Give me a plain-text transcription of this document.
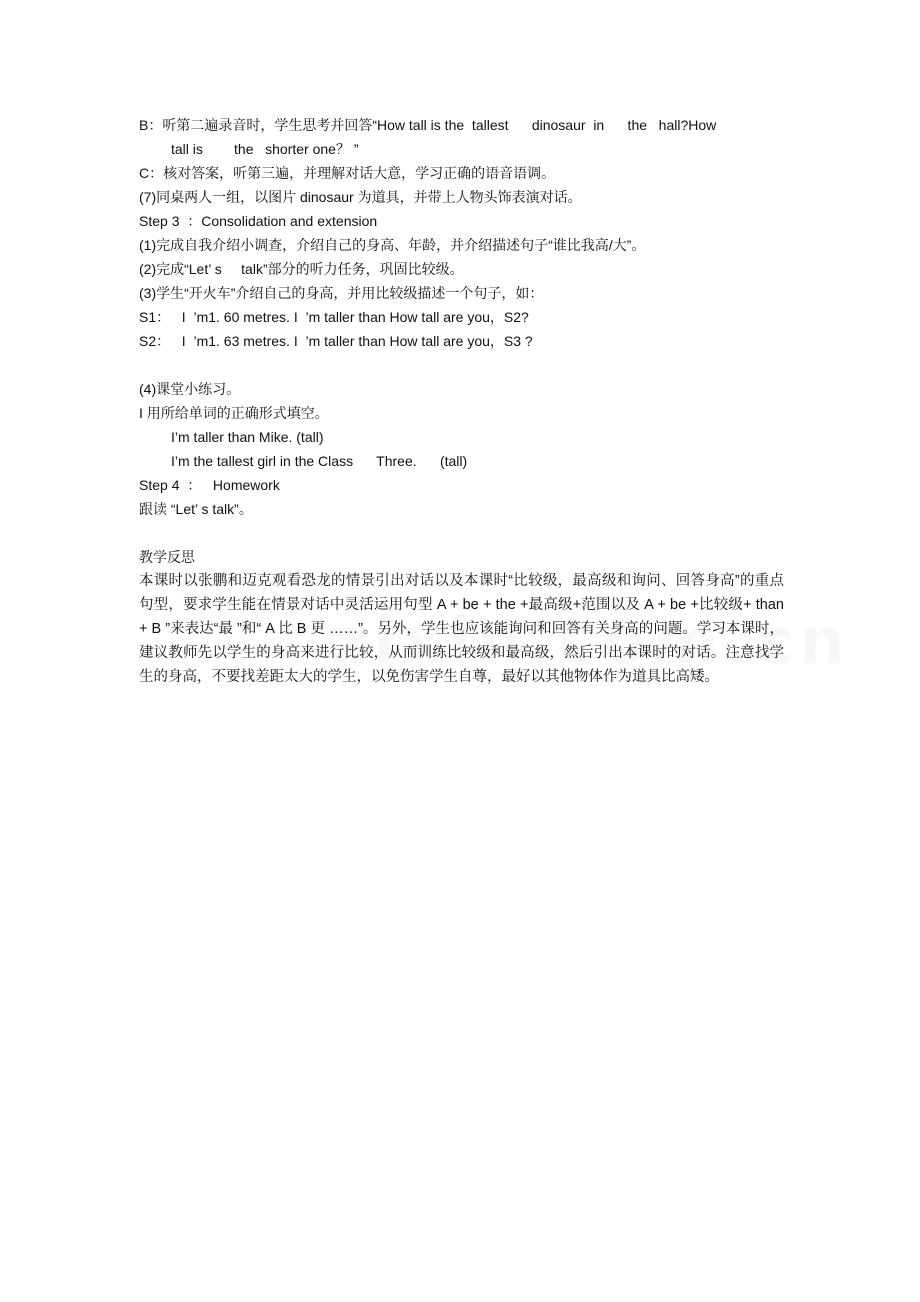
B：听第二遍录音时，学生思考并回答“How tall is the  tallest      dinosaur  in      the   hall?How
tall is        the   shorter one？ ”
C：核对答案，听第三遍，并理解对话大意，学习正确的语音语调。
(7)同桌两人一组，以图片 dinosaur 为道具，并带上人物头饰表演对话。
Step 3  ：Consolidation and extension
(1)完成自我介绍小调查，介绍自己的身高、年龄，并介绍描述句子“谁比我高/大”。
(2)完成“Let’ s     talk”部分的听力任务，巩固比较级。
(3)学生“开火车”介绍自己的身高，并用比较级描述一个句子，如：
S1：   I  ’m1. 60 metres. I  ’m taller than How tall are you，S2?
S2：   I  ’m1. 63 metres. I  ’m taller than How tall are you，S3 ?
(4)课堂小练习。
I 用所给单词的正确形式填空。
I’m taller than Mike. (tall)
I’m the tallest girl in the Class      Three.      (tall)
Step 4  ：   Homework
跟读 “Let’ s talk”。
教学反思
本课时以张鹏和迈克观看恐龙的情景引出对话以及本课时“比较级，最高级和询问、回答身高”的重点句型，要求学生能在情景对话中灵活运用句型 A + be + the +最高级+范围以及 A + be +比较级+ than + B ”来表达“最 ”和“ A 比 B 更 ……”。另外，学生也应该能询问和回答有关身高的问题。学习本课时，建议教师先以学生的身高来进行比较，从而训练比较级和最高级，然后引出本课时的对话。注意找学生的身高，不要找差距太大的学生，以免伤害学生自尊，最好以其他物体作为道具比高矮。
